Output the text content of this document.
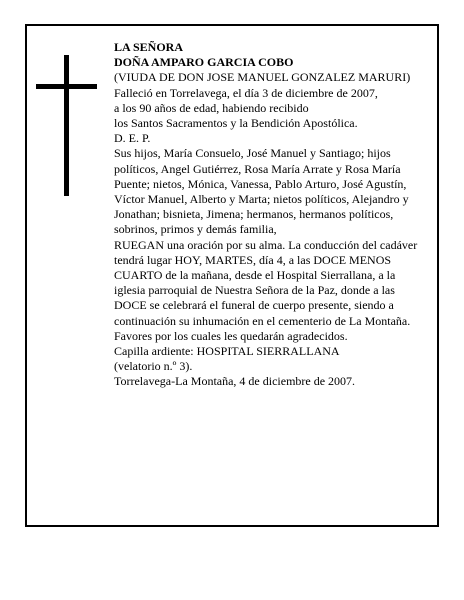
LA SEÑORA

DOÑA AMPARO GARCIA COBO

(VIUDA DE DON JOSE MANUEL GONZALEZ MARURI)

Falleció en Torrelavega, el día 3 de diciembre de 2007,

a los 90 años de edad, habiendo recibido

los Santos Sacramentos y la Bendición Apostólica.

D. E. P.

Sus hijos, María Consuelo, José Manuel y Santiago; hijos políticos, Angel Gutiérrez, Rosa María Arrate y Rosa María Puente; nietos, Mónica, Vanessa, Pablo Arturo, José Agustín, Víctor Manuel, Alberto y Marta; nietos políticos, Alejandro y Jonathan; bisnieta, Jimena; hermanos, hermanos políticos, sobrinos, primos y demás familia,

RUEGAN una oración por su alma. La conducción del cadáver tendrá lugar HOY, MARTES, día 4, a las DOCE MENOS CUARTO de la mañana, desde el Hospital Sierrallana, a la iglesia parroquial de Nuestra Señora de la Paz, donde a las DOCE se celebrará el funeral de cuerpo presente, siendo a continuación su inhumación en el cementerio de La Montaña. Favores por los cuales les quedarán agradecidos.

Capilla ardiente: HOSPITAL SIERRALLANA

(velatorio n.º 3).

Torrelavega-La Montaña, 4 de diciembre de 2007.
